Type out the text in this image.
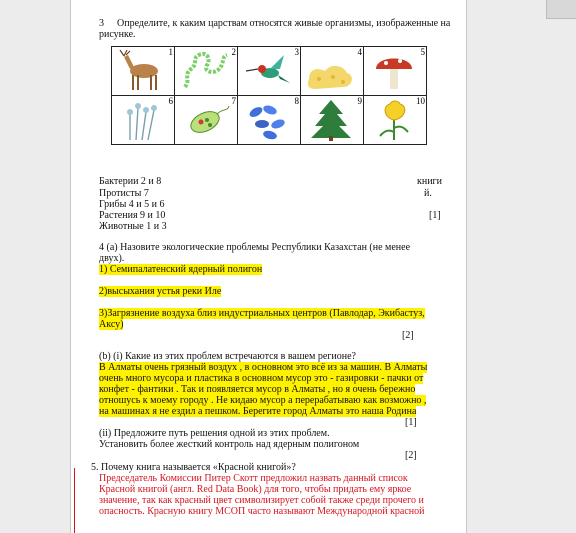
3 Определите, к каким царствам относятся живые организмы, изображенные на
рисунке.
1	2	3	4	5

6	7	8	9	10
Бактерии 2 и 8
Протисты 7
Грибы 4 и 5 и 6
Растения 9 и 10
Животные 1 и 3
книги
й.
[1]
4 (a) Назовите экологические проблемы Республики Казахстан (не менее
двух).
1) Семипалатенский ядерный полигон
2)высыхания устья реки Иле
3)Загрязнение воздуха близ индустриальных центров (Павлодар, Экибастуз,
Аксу)
[2]
(b) (i) Какие из этих проблем встречаются в вашем регионе?
В Алматы очень грязный воздух , в основном это всё из за машин. В Алматы
очень много мусора и пластика в основном мусор это - газировки - пачки от
конфет - фантики . Так и появляется мусор в Алматы , но я очень бережно
отношусь к моему городу . Не кидаю мусор а перерабатываю как возможно ,
на машинах я не ездил а пешком. Берегите город Алматы это наша Родина
[1]
(ii) Предложите путь решения одной из этих проблем.
Установить более жесткий контроль над ядерным полигоном
[2]
5. Почему книга называется «Красной книгой»?
Председатель Комиссии Питер Скотт предложил назвать данный список
Красной книгой (англ. Red Data Book) для того, чтобы придать ему яркое
значение, так как красный цвет символизирует собой также среди прочего и
опасность. Красную книгу МСОП часто называют Международной красной
